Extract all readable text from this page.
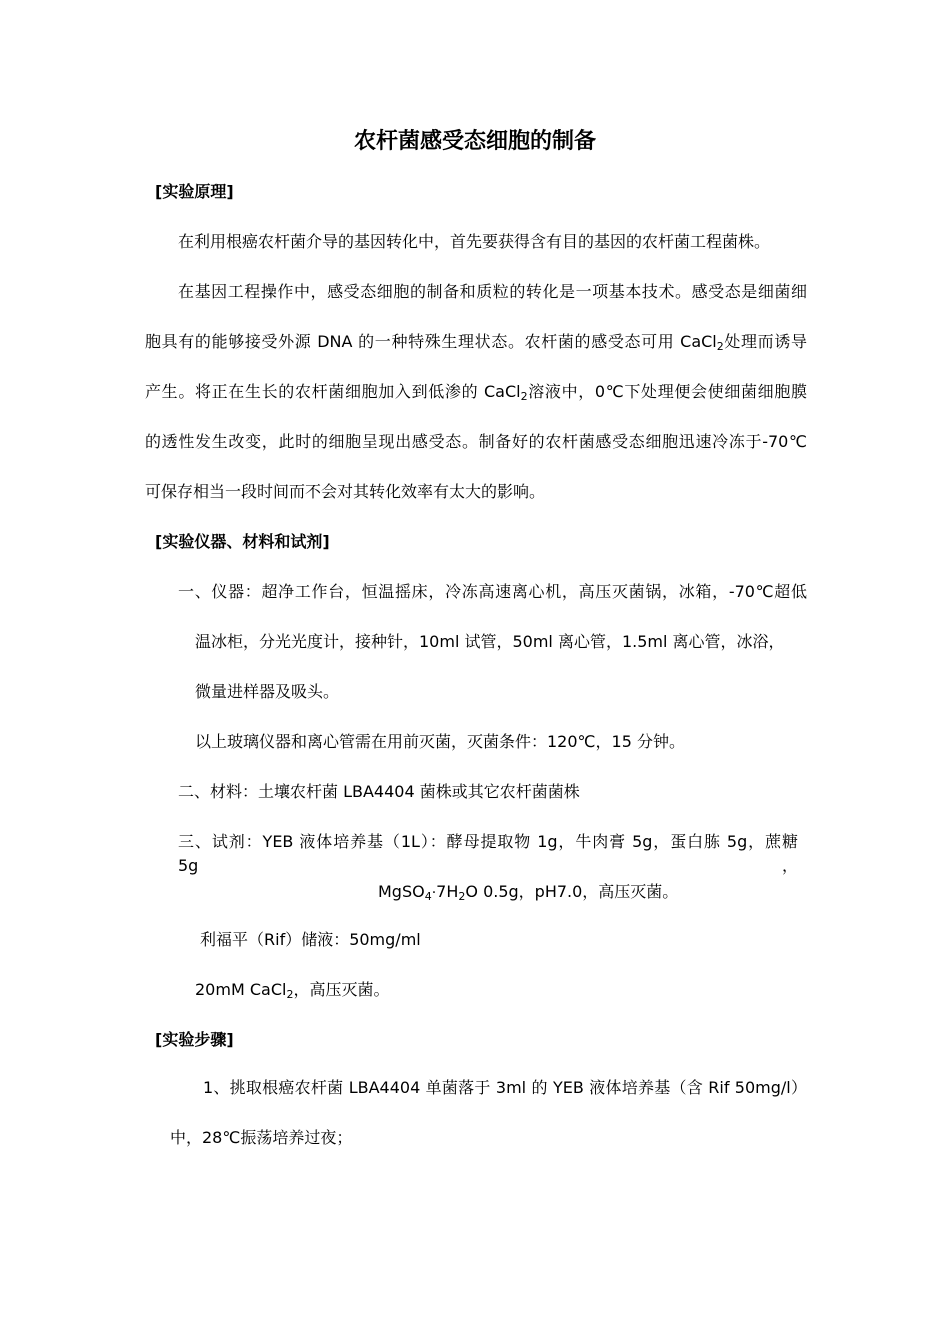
农杆菌感受态细胞的制备
[实验原理]
在利用根癌农杆菌介导的基因转化中，首先要获得含有目的基因的农杆菌工程菌株。
在基因工程操作中，感受态细胞的制备和质粒的转化是一项基本技术。感受态是细菌细
胞具有的能够接受外源 DNA 的一种特殊生理状态。农杆菌的感受态可用 CaCl$_2$处理而诱导
产生。将正在生长的农杆菌细胞加入到低渗的 CaCl$_2$溶液中，0℃下处理便会使细菌细胞膜
的透性发生改变，此时的细胞呈现出感受态。制备好的农杆菌感受态细胞迅速冷冻于-70℃
可保存相当一段时间而不会对其转化效率有太大的影响。
[实验仪器、材料和试剂]
一、仪器：超净工作台，恒温摇床，冷冻高速离心机，高压灭菌锅，冰箱，-70℃超低
温冰柜，分光光度计，接种针，10ml 试管，50ml 离心管，1.5ml 离心管，冰浴，
微量进样器及吸头。
以上玻璃仪器和离心管需在用前灭菌，灭菌条件：120℃，15 分钟。
二、材料：土壤农杆菌 LBA4404 菌株或其它农杆菌菌株
三、试剂：YEB 液体培养基（1L）：酵母提取物 1g，牛肉膏 5g，蛋白胨 5g，蔗糖 5g，
$MgSO_4\cdot 7H_2O$ 0.5g，pH7.0，高压灭菌。
利福平（Rif）储液：50mg/ml
20mM CaCl$_2$，高压灭菌。
[实验步骤]
1、挑取根癌农杆菌 LBA4404 单菌落于 3ml 的 YEB 液体培养基（含 Rif 50mg/l）
中，28℃振荡培养过夜；
